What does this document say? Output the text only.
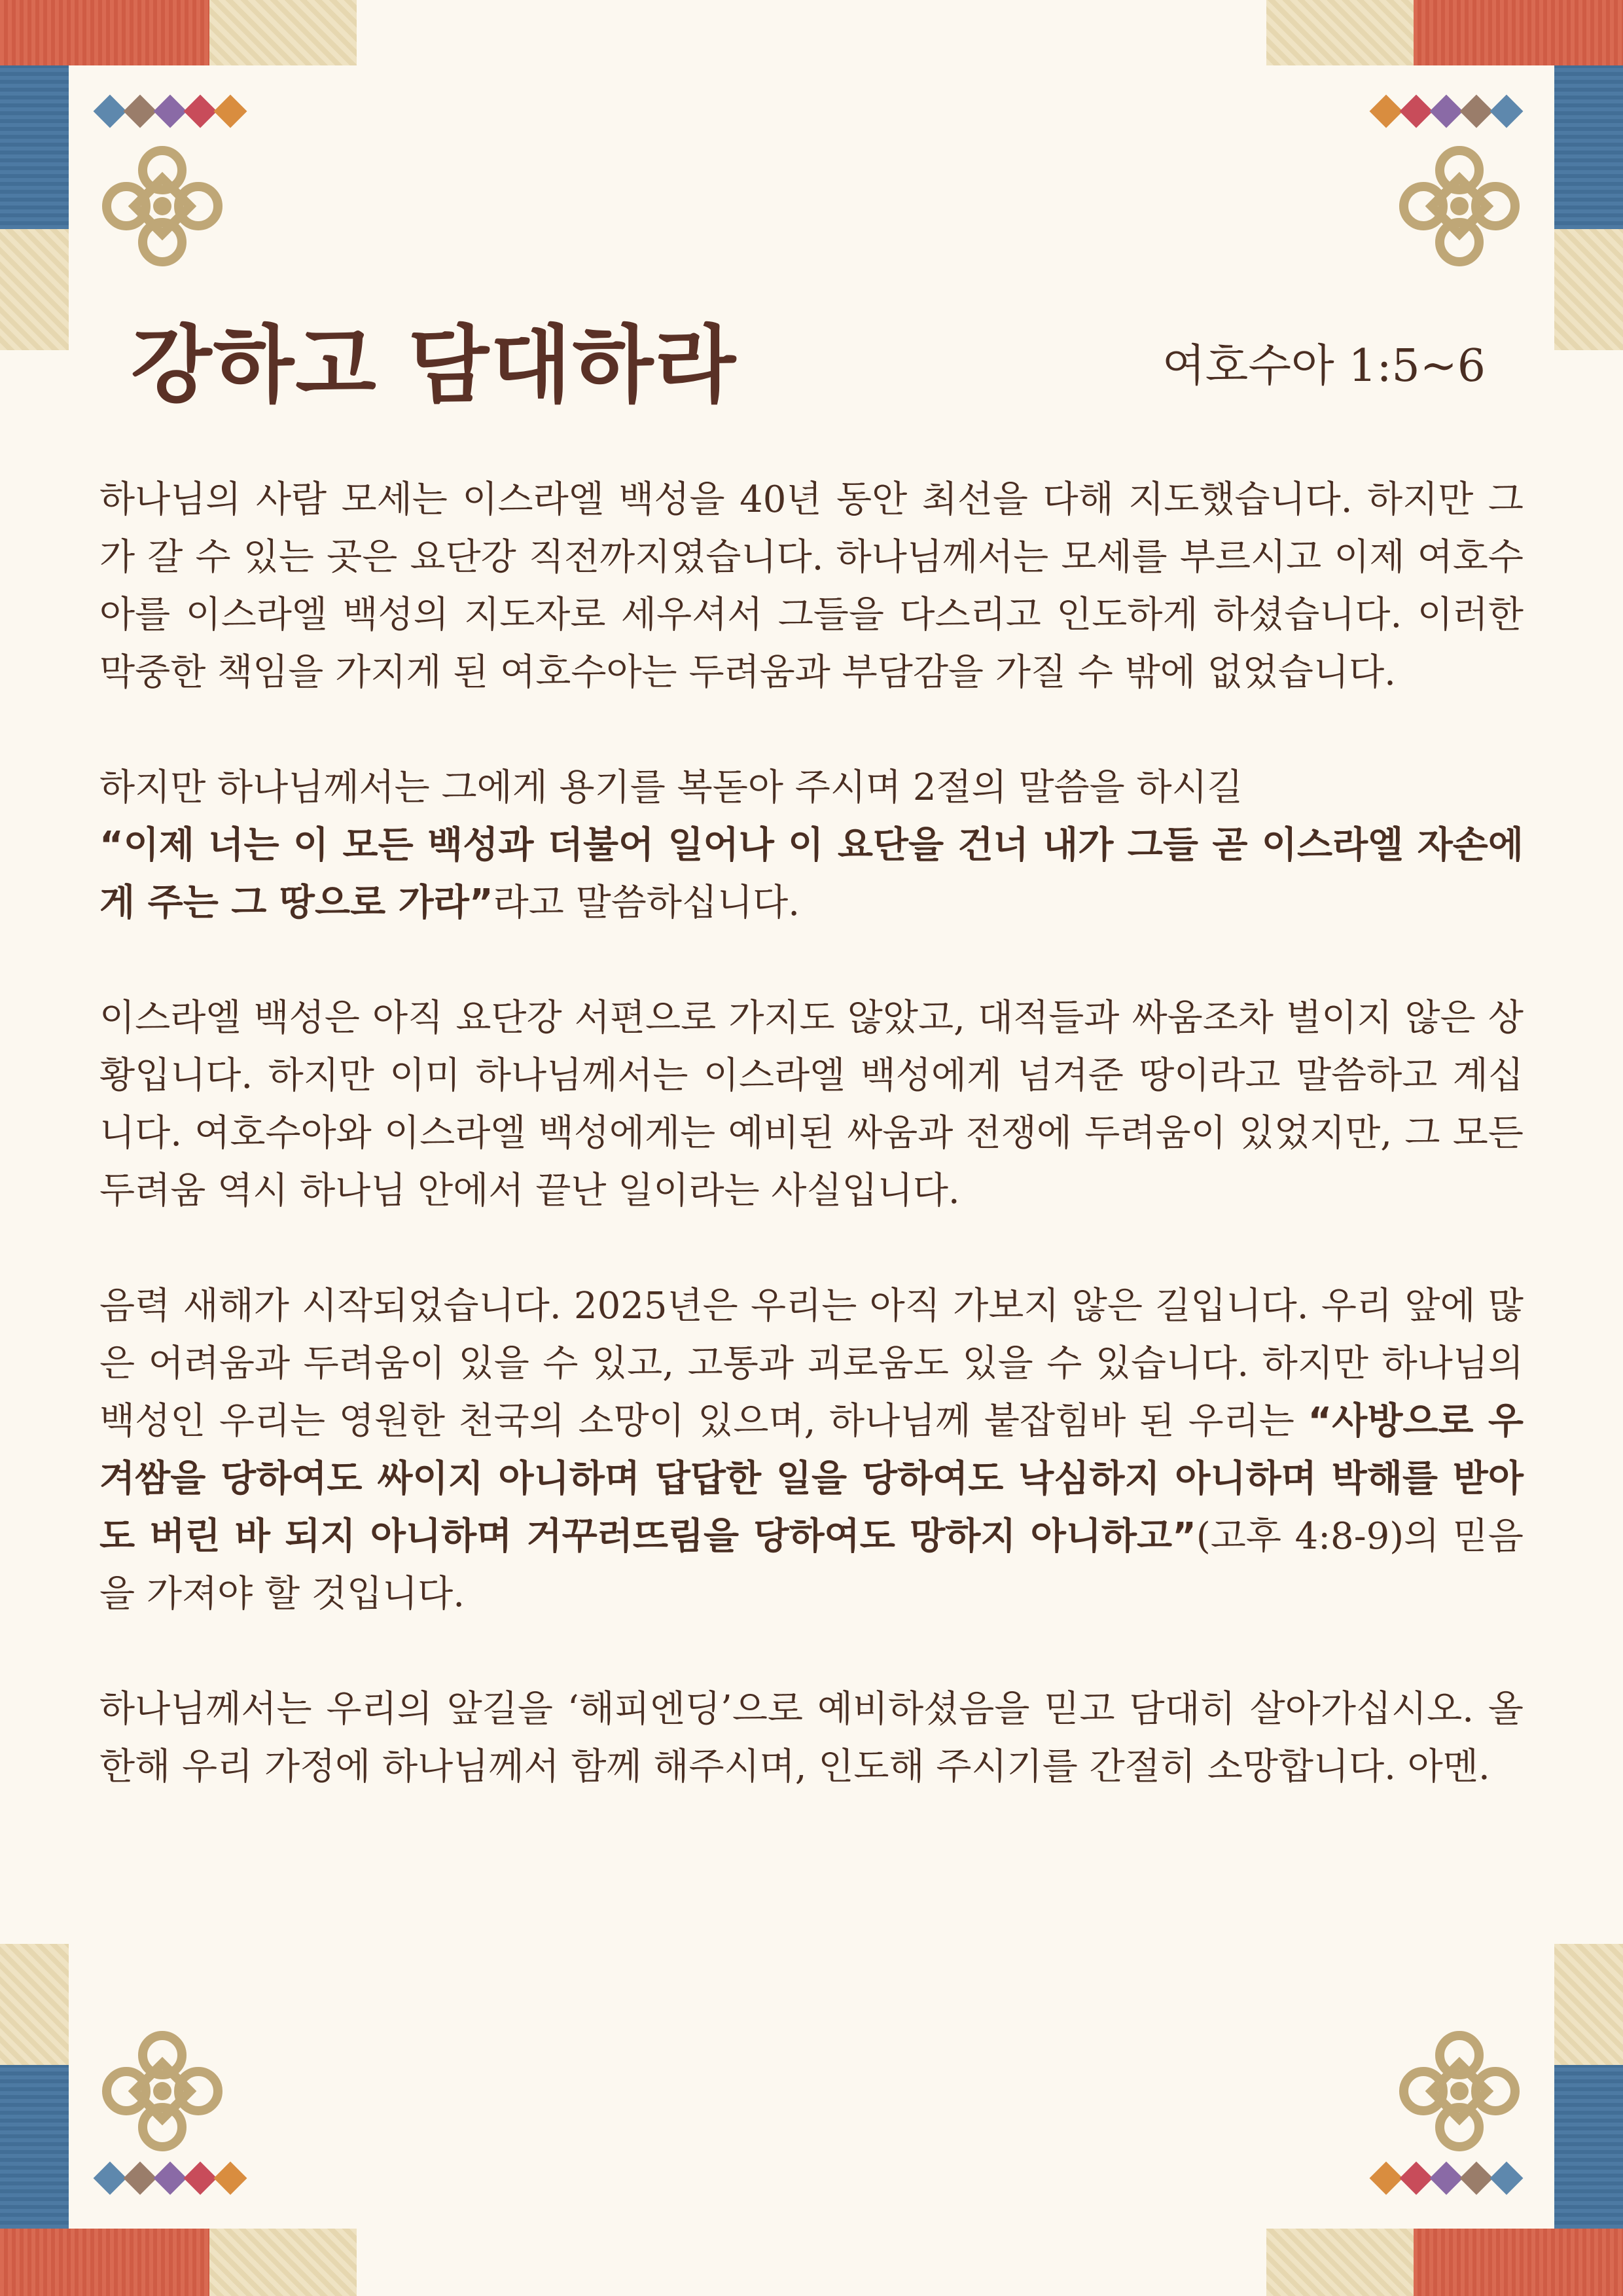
강하고 담대하라	여호수아 1:5~6

하나님의 사람 모세는 이스라엘 백성을 40년 동안 최선을 다해 지도했습니다. 하지만 그가 갈 수 있는 곳은 요단강 직전까지였습니다. 하나님께서는 모세를 부르시고 이제 여호수아를 이스라엘 백성의 지도자로 세우셔서 그들을 다스리고 인도하게 하셨습니다. 이러한 막중한 책임을 가지게 된 여호수아는 두려움과 부담감을 가질 수 밖에 없었습니다.

하지만 하나님께서는 그에게 용기를 복돋아 주시며 2절의 말씀을 하시길
“이제 너는 이 모든 백성과 더불어 일어나 이 요단을 건너 내가 그들 곧 이스라엘 자손에게 주는 그 땅으로 가라”라고 말씀하십니다.

이스라엘 백성은 아직 요단강 서편으로 가지도 않았고, 대적들과 싸움조차 벌이지 않은 상황입니다. 하지만 이미 하나님께서는 이스라엘 백성에게 넘겨준 땅이라고 말씀하고 계십니다. 여호수아와 이스라엘 백성에게는 예비된 싸움과 전쟁에 두려움이 있었지만, 그 모든 두려움 역시 하나님 안에서 끝난 일이라는 사실입니다.

음력 새해가 시작되었습니다. 2025년은 우리는 아직 가보지 않은 길입니다. 우리 앞에 많은 어려움과 두려움이 있을 수 있고, 고통과 괴로움도 있을 수 있습니다. 하지만 하나님의 백성인 우리는 영원한 천국의 소망이 있으며, 하나님께 붙잡힘바 된 우리는 “사방으로 우겨쌈을 당하여도 싸이지 아니하며 답답한 일을 당하여도 낙심하지 아니하며 박해를 받아도 버린 바 되지 아니하며 거꾸러뜨림을 당하여도 망하지 아니하고”(고후 4:8-9)의 믿음을 가져야 할 것입니다.

하나님께서는 우리의 앞길을 ‘해피엔딩’으로 예비하셨음을 믿고 담대히 살아가십시오. 올 한해 우리 가정에 하나님께서 함께 해주시며, 인도해 주시기를 간절히 소망합니다. 아멘.
